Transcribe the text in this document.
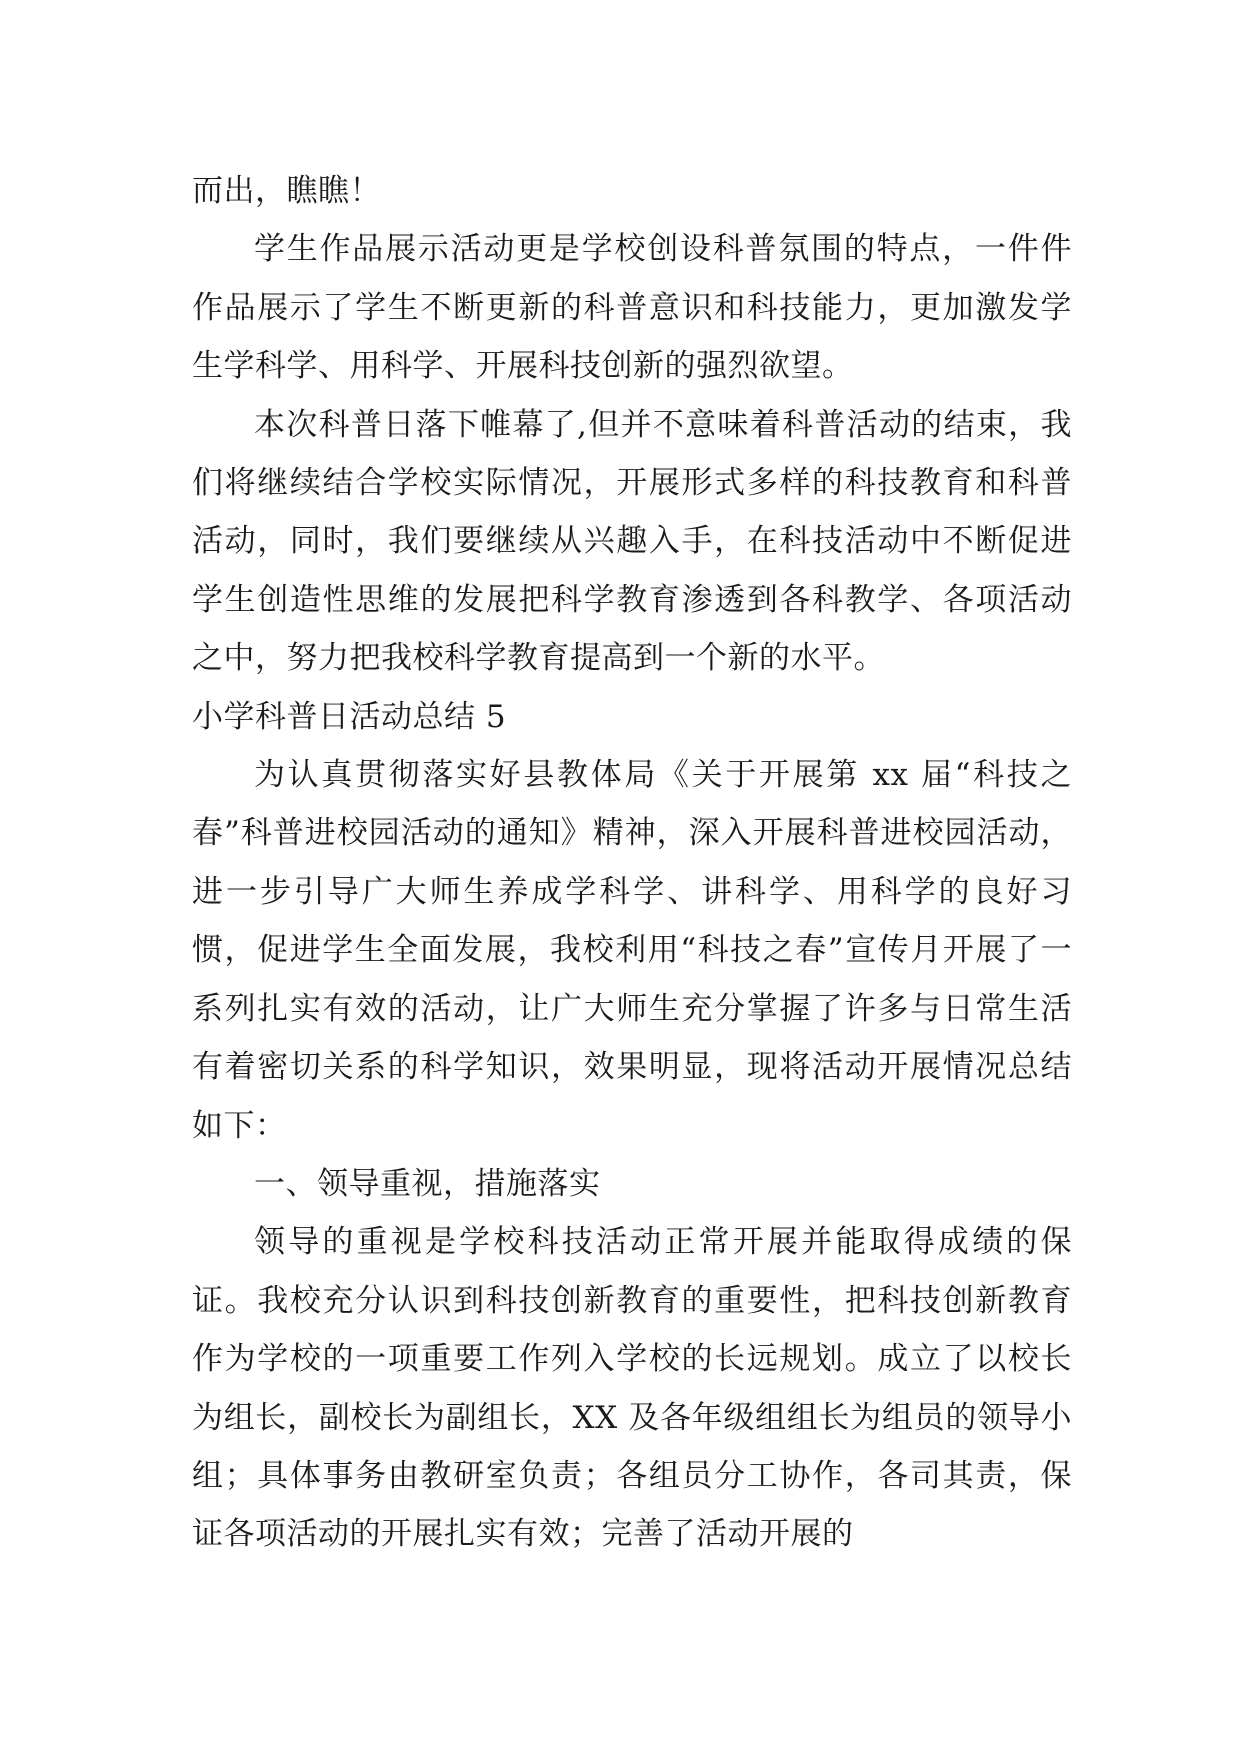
而出，瞧瞧！

学生作品展示活动更是学校创设科普氛围的特点，一件件作品展示了学生不断更新的科普意识和科技能力，更加激发学生学科学、用科学、开展科技创新的强烈欲望。

本次科普日落下帷幕了,但并不意味着科普活动的结束，我们将继续结合学校实际情况，开展形式多样的科技教育和科普活动，同时，我们要继续从兴趣入手，在科技活动中不断促进学生创造性思维的发展把科学教育渗透到各科教学、各项活动之中，努力把我校科学教育提高到一个新的水平。

小学科普日活动总结 5

为认真贯彻落实好县教体局《关于开展第 xx 届“科技之春”科普进校园活动的通知》精神，深入开展科普进校园活动，进一步引导广大师生养成学科学、讲科学、用科学的良好习惯，促进学生全面发展，我校利用“科技之春”宣传月开展了一系列扎实有效的活动，让广大师生充分掌握了许多与日常生活有着密切关系的科学知识，效果明显，现将活动开展情况总结如下：

一、领导重视，措施落实

领导的重视是学校科技活动正常开展并能取得成绩的保证。我校充分认识到科技创新教育的重要性，把科技创新教育作为学校的一项重要工作列入学校的长远规划。成立了以校长为组长，副校长为副组长，XX 及各年级组组长为组员的领导小组；具体事务由教研室负责；各组员分工协作，各司其责，保证各项活动的开展扎实有效；完善了活动开展的
